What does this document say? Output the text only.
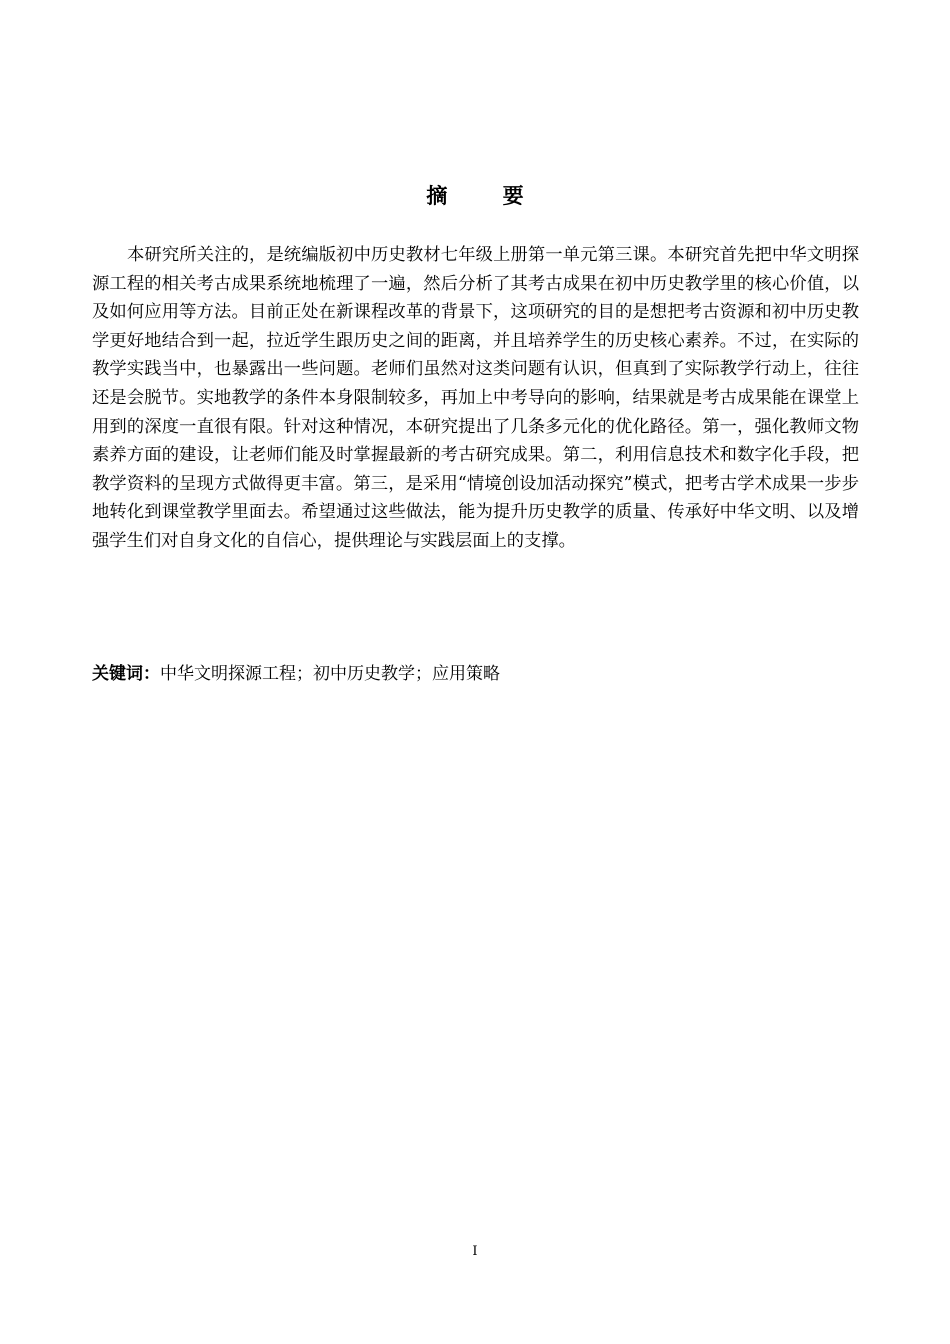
摘 要

本研究所关注的，是统编版初中历史教材七年级上册第一单元第三课。本研究首先把中华文明探源工程的相关考古成果系统地梳理了一遍，然后分析了其考古成果在初中历史教学里的核心价值，以及如何应用等方法。目前正处在新课程改革的背景下，这项研究的目的是想把考古资源和初中历史教学更好地结合到一起，拉近学生跟历史之间的距离，并且培养学生的历史核心素养。不过，在实际的教学实践当中，也暴露出一些问题。老师们虽然对这类问题有认识，但真到了实际教学行动上，往往还是会脱节。实地教学的条件本身限制较多，再加上中考导向的影响，结果就是考古成果能在课堂上用到的深度一直很有限。针对这种情况，本研究提出了几条多元化的优化路径。第一，强化教师文物素养方面的建设，让老师们能及时掌握最新的考古研究成果。第二，利用信息技术和数字化手段，把教学资料的呈现方式做得更丰富。第三，是采用“情境创设加活动探究”模式，把考古学术成果一步步地转化到课堂教学里面去。希望通过这些做法，能为提升历史教学的质量、传承好中华文明、以及增强学生们对自身文化的自信心，提供理论与实践层面上的支撑。

关键词：中华文明探源工程；初中历史教学；应用策略

I
